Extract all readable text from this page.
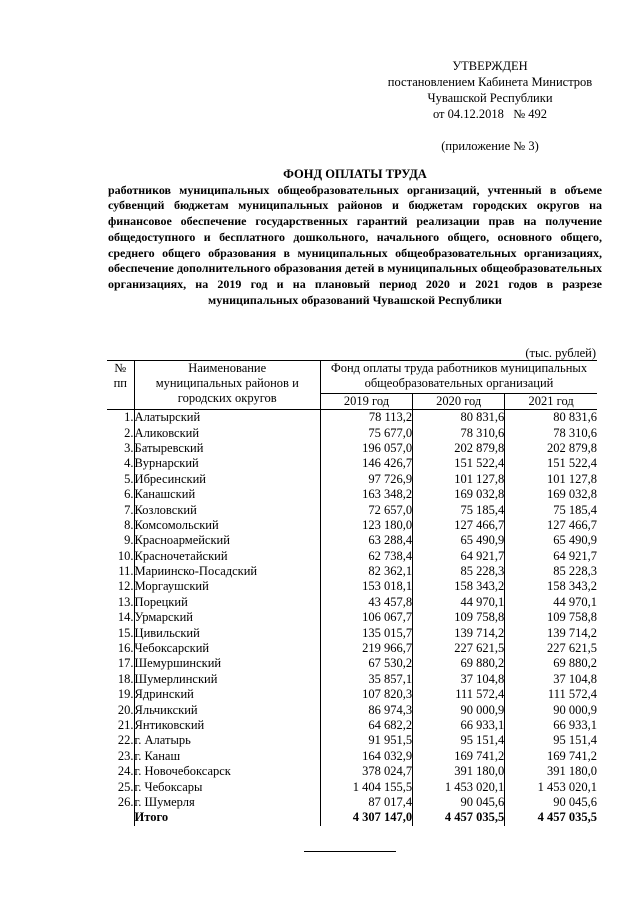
УТВЕРЖДЕН
постановлением Кабинета Министров
Чувашской Республики
от 04.12.2018   № 492
(приложение № 3)
ФОНД ОПЛАТЫ ТРУДА
работников муниципальных общеобразовательных организаций, учтенный в объеме субвенций бюджетам муниципальных районов и бюджетам городских округов на финансовое обеспечение государственных гарантий реализации прав на получение общедоступного и бесплатного дошкольного, начального общего, основного общего, среднего общего образования в муниципальных общеобразовательных организациях, обеспечение дополнительного образования детей в муниципальных общеобразовательных организациях, на 2019 год и на плановый период 2020 и 2021 годов в разрезе муниципальных образований Чувашской Республики
(тыс. рублей)
№ пп	Наименование муниципальных районов и городских округов	Фонд оплаты труда работников муниципальных общеобразовательных организаций		

		2019 год	2020 год	2021 год
1.	Алатырский	78 113,2	80 831,6	80 831,6
2.	Аликовский	75 677,0	78 310,6	78 310,6
3.	Батыревский	196 057,0	202 879,8	202 879,8
4.	Вурнарский	146 426,7	151 522,4	151 522,4
5.	Ибресинский	97 726,9	101 127,8	101 127,8
6.	Канашский	163 348,2	169 032,8	169 032,8
7.	Козловский	72 657,0	75 185,4	75 185,4
8.	Комсомольский	123 180,0	127 466,7	127 466,7
9.	Красноармейский	63 288,4	65 490,9	65 490,9
10.	Красночетайский	62 738,4	64 921,7	64 921,7
11.	Мариинско-Посадский	82 362,1	85 228,3	85 228,3
12.	Моргаушский	153 018,1	158 343,2	158 343,2
13.	Порецкий	43 457,8	44 970,1	44 970,1
14.	Урмарский	106 067,7	109 758,8	109 758,8
15.	Цивильский	135 015,7	139 714,2	139 714,2
16.	Чебоксарский	219 966,7	227 621,5	227 621,5
17.	Шемуршинский	67 530,2	69 880,2	69 880,2
18.	Шумерлинский	35 857,1	37 104,8	37 104,8
19.	Ядринский	107 820,3	111 572,4	111 572,4
20.	Яльчикский	86 974,3	90 000,9	90 000,9
21.	Янтиковский	64 682,2	66 933,1	66 933,1
22.	г. Алатырь	91 951,5	95 151,4	95 151,4
23.	г. Канаш	164 032,9	169 741,2	169 741,2
24.	г. Новочебоксарск	378 024,7	391 180,0	391 180,0
25.	г. Чебоксары	1 404 155,5	1 453 020,1	1 453 020,1
26.	г. Шумерля	87 017,4	90 045,6	90 045,6
	Итого	4 307 147,0	4 457 035,5	4 457 035,5
